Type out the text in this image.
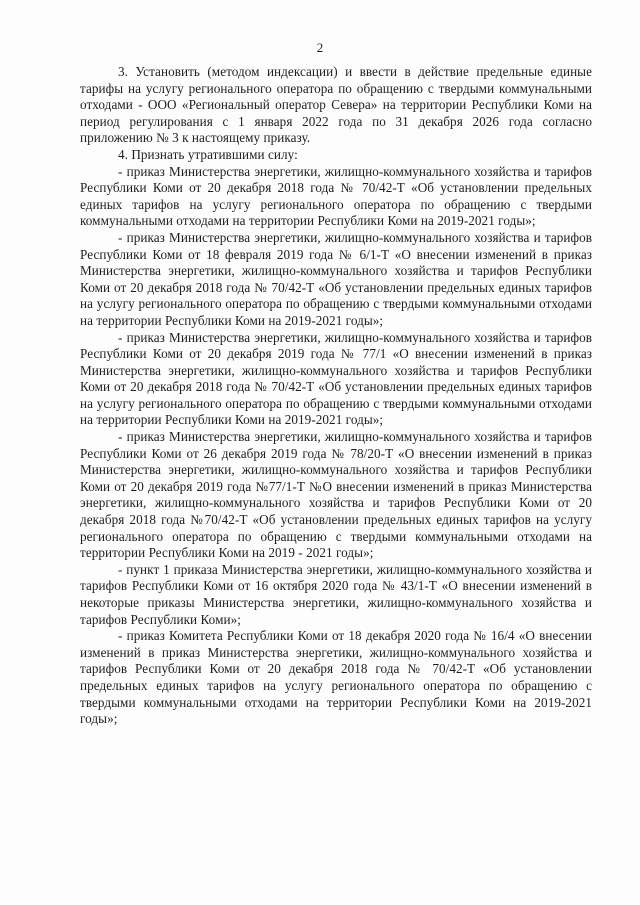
2

3. Установить (методом индексации) и ввести в действие предельные единые тарифы на услугу регионального оператора по обращению с твердыми коммунальными отходами - ООО «Региональный оператор Севера» на территории Республики Коми на период регулирования с 1 января 2022 года по 31 декабря 2026 года согласно приложению № 3 к настоящему приказу.

4. Признать утратившими силу:

- приказ Министерства энергетики, жилищно-коммунального хозяйства и тарифов Республики Коми от 20 декабря 2018 года № 70/42-Т «Об установлении предельных единых тарифов на услугу регионального оператора по обращению с твердыми коммунальными отходами на территории Республики Коми на 2019-2021 годы»;

- приказ Министерства энергетики, жилищно-коммунального хозяйства и тарифов Республики Коми от 18 февраля 2019 года № 6/1-Т «О внесении изменений в приказ Министерства энергетики, жилищно-коммунального хозяйства и тарифов Республики Коми от 20 декабря 2018 года № 70/42-Т «Об установлении предельных единых тарифов на услугу регионального оператора по обращению с твердыми коммунальными отходами на территории Республики Коми на 2019-2021 годы»;

- приказ Министерства энергетики, жилищно-коммунального хозяйства и тарифов Республики Коми от 20 декабря 2019 года № 77/1 «О внесении изменений в приказ Министерства энергетики, жилищно-коммунального хозяйства и тарифов Республики Коми от 20 декабря 2018 года № 70/42-Т «Об установлении предельных единых тарифов на услугу регионального оператора по обращению с твердыми коммунальными отходами на территории Республики Коми на 2019-2021 годы»;

- приказ Министерства энергетики, жилищно-коммунального хозяйства и тарифов Республики Коми от 26 декабря 2019 года № 78/20-Т «О внесении изменений в приказ Министерства энергетики, жилищно-коммунального хозяйства и тарифов Республики Коми от 20 декабря 2019 года №77/1-Т №О внесении изменений в приказ Министерства энергетики, жилищно-коммунального хозяйства и тарифов Республики Коми от 20 декабря 2018 года №70/42-Т «Об установлении предельных единых тарифов на услугу регионального оператора по обращению с твердыми коммунальными отходами на территории Республики Коми на 2019 - 2021 годы»;

- пункт 1 приказа Министерства энергетики, жилищно-коммунального хозяйства и тарифов Республики Коми от 16 октября 2020 года № 43/1-Т «О внесении изменений в некоторые приказы Министерства энергетики, жилищно-коммунального хозяйства и тарифов Республики Коми»;

- приказ Комитета Республики Коми от 18 декабря 2020 года № 16/4 «О внесении изменений в приказ Министерства энергетики, жилищно-коммунального хозяйства и тарифов Республики Коми от 20 декабря 2018 года № 70/42-Т «Об установлении предельных единых тарифов на услугу регионального оператора по обращению с твердыми коммунальными отходами на территории Республики Коми на 2019-2021 годы»;
